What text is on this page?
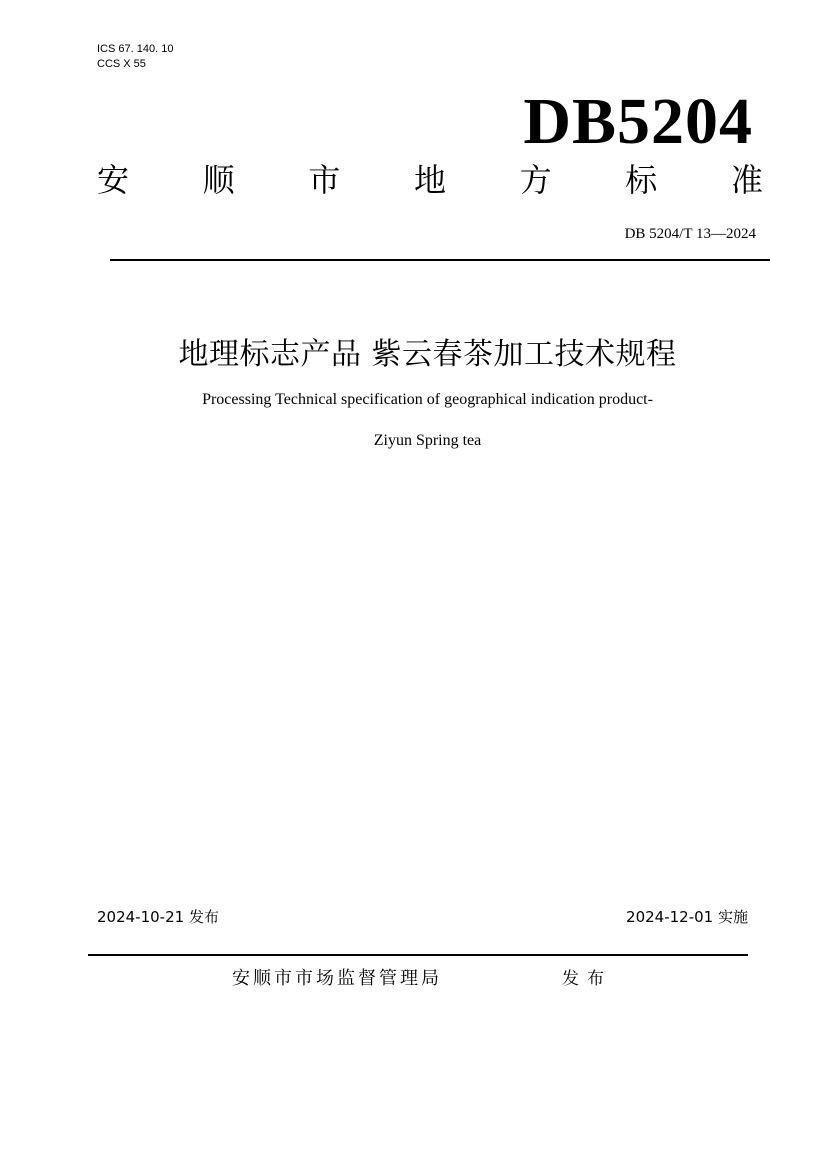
ICS 67. 140. 10
CCS X 55
DB5204
安 顺 市 地 方 标 准
DB 5204/T 13—2024
地理标志产品 紫云春茶加工技术规程
Processing Technical specification of geographical indication product-
Ziyun Spring tea
2024-10-21 发布	2024-12-01 实施
安顺市市场监督管理局	发布
